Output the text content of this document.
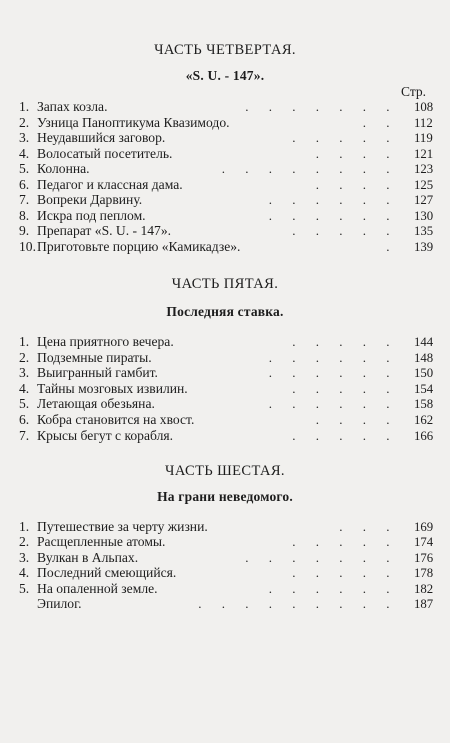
ЧАСТЬ ЧЕТВЕРТАЯ.
«S. U. - 147».
Стр.
1. Запах козла.	. . . . . . . 108
2. Узница Паноптикума Квазимодо.	. . 112
3. Неудавшийся заговор.	. . . . . 119
4. Волосатый посетитель.	. . . . 121
5. Колонна.	. . . . . . . . 123
6. Педагог и классная дама.	. . . . 125
7. Вопреки Дарвину.	. . . . . . 127
8. Искра под пеплом.	. . . . . . 130
9. Препарат «S. U. - 147».	. . . . . 135
10. Приготовьте порцию «Камикадзе».	. 139
ЧАСТЬ ПЯТАЯ.
Последняя ставка.
1. Цена приятного вечера.	. . . . . 144
2. Подземные пираты.	. . . . . . 148
3. Выигранный гамбит.	. . . . . . 150
4. Тайны мозговых извилин.	. . . . . 154
5. Летающая обезьяна.	. . . . . . 158
6. Кобра становится на хвост.	. . . . 162
7. Крысы бегут с корабля.	. . . . . 166
ЧАСТЬ ШЕСТАЯ.
На грани неведомого.
1. Путешествие за черту жизни.	. . . 169
2. Расщепленные атомы.	. . . . . 174
3. Вулкан в Альпах.	. . . . . . . 176
4. Последний смеющийся.	. . . . . 178
5. На опаленной земле.	. . . . . . 182
Эпилог.	. . . . . . . . . 187
